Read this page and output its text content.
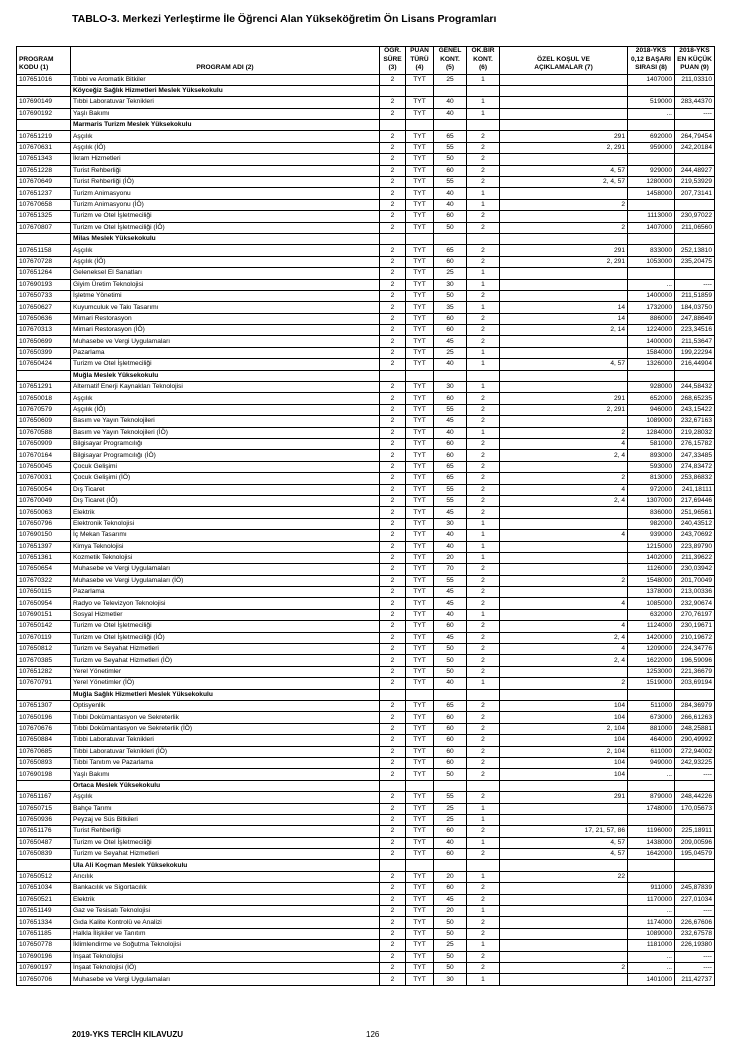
TABLO-3. Merkezi Yerleştirme İle Öğrenci Alan Yükseköğretim Ön Lisans Programları
PROGRAM
KODU (1)	PROGRAM ADI (2)	ÖĞR.
SÜRE
(3)	PUAN
TÜRÜ
(4)	GENEL
KONT.
(5)	OK.BİR
KONT.
(6)	ÖZEL KOŞUL VE
AÇIKLAMALAR (7)	2018-YKS
0,12 BAŞARI
SIRASI (8)	2018-YKS
EN KÜÇÜK
PUAN (9)
107651016	Tıbbi ve Aromatik Bitkiler	2	TYT	25	1		1407000	211,03310
	Köyceğiz Sağlık Hizmetleri Meslek Yüksekokulu							
107690149	Tıbbi Laboratuvar Teknikleri	2	TYT	40	1		519000	283,44370
107690192	Yaşlı Bakımı	2	TYT	40	1		...	----
	Marmaris Turizm Meslek Yüksekokulu							
107651219	Aşçılık	2	TYT	65	2	291	692000	264,79454
107670631	Aşçılık (İÖ)	2	TYT	55	2	2, 291	959000	242,20184
107651343	İkram Hizmetleri	2	TYT	50	2			
107651228	Turist Rehberliği	2	TYT	60	2	4, 57	929000	244,48927
107670649	Turist Rehberliği (İÖ)	2	TYT	55	2	2, 4, 57	1280000	219,53929
107651237	Turizm Animasyonu	2	TYT	40	1		1458000	207,73141
107670658	Turizm Animasyonu (İÖ)	2	TYT	40	1	2		
107651325	Turizm ve Otel İşletmeciliği	2	TYT	60	2		1113000	230,97022
107670807	Turizm ve Otel İşletmeciliği (İÖ)	2	TYT	50	2	2	1407000	211,06560
	Milas Meslek Yüksekokulu							
107651158	Aşçılık	2	TYT	65	2	291	833000	252,13810
107670728	Aşçılık (İÖ)	2	TYT	60	2	2, 291	1053000	235,20475
107651264	Geleneksel El Sanatları	2	TYT	25	1			
107690193	Giyim Üretim Teknolojisi	2	TYT	30	1		...	----
107650733	İşletme Yönetimi	2	TYT	50	2		1400000	211,51859
107650627	Kuyumculuk ve Takı Tasarımı	2	TYT	35	1	14	1732000	184,03750
107650636	Mimari Restorasyon	2	TYT	60	2	14	886000	247,88649
107670313	Mimari Restorasyon (İÖ)	2	TYT	60	2	2, 14	1224000	223,34516
107650699	Muhasebe ve Vergi Uygulamaları	2	TYT	45	2		1400000	211,53647
107650399	Pazarlama	2	TYT	25	1		1584000	199,22294
107650424	Turizm ve Otel İşletmeciliği	2	TYT	40	1	4, 57	1326000	216,44904
	Muğla Meslek Yüksekokulu							
107651291	Alternatif Enerji Kaynakları Teknolojisi	2	TYT	30	1		928000	244,58432
107650018	Aşçılık	2	TYT	60	2	291	652000	268,65235
107670579	Aşçılık (İÖ)	2	TYT	55	2	2, 291	946000	243,15422
107650609	Basım ve Yayın Teknolojileri	2	TYT	45	2		1089000	232,67163
107670588	Basım ve Yayın Teknolojileri (İÖ)	2	TYT	40	1	2	1284000	219,28032
107650909	Bilgisayar Programcılığı	2	TYT	60	2	4	581000	276,15782
107670164	Bilgisayar Programcılığı (İÖ)	2	TYT	60	2	2, 4	893000	247,33485
107650045	Çocuk Gelişimi	2	TYT	65	2		593000	274,83472
107670031	Çocuk Gelişimi (İÖ)	2	TYT	65	2	2	813000	253,86832
107650054	Dış Ticaret	2	TYT	55	2	4	972000	241,18111
107670049	Dış Ticaret (İÖ)	2	TYT	55	2	2, 4	1307000	217,69446
107650063	Elektrik	2	TYT	45	2		836000	251,96561
107650796	Elektronik Teknolojisi	2	TYT	30	1		982000	240,43512
107690150	İç Mekan Tasarımı	2	TYT	40	1	4	939000	243,70692
107651397	Kimya Teknolojisi	2	TYT	40	1		1215000	223,89790
107651361	Kozmetik Teknolojisi	2	TYT	20	1		1402000	211,39622
107650654	Muhasebe ve Vergi Uygulamaları	2	TYT	70	2		1126000	230,03942
107670322	Muhasebe ve Vergi Uygulamaları (İÖ)	2	TYT	55	2	2	1548000	201,70049
107650115	Pazarlama	2	TYT	45	2		1378000	213,00336
107650954	Radyo ve Televizyon Teknolojisi	2	TYT	45	2	4	1085000	232,90674
107690151	Sosyal Hizmetler	2	TYT	40	1		632000	270,76197
107650142	Turizm ve Otel İşletmeciliği	2	TYT	60	2	4	1124000	230,19671
107670119	Turizm ve Otel İşletmeciliği (İÖ)	2	TYT	45	2	2, 4	1420000	210,19672
107650812	Turizm ve Seyahat Hizmetleri	2	TYT	50	2	4	1209000	224,34776
107670385	Turizm ve Seyahat Hizmetleri (İÖ)	2	TYT	50	2	2, 4	1622000	196,59096
107651282	Yerel Yönetimler	2	TYT	50	2		1253000	221,36679
107670791	Yerel Yönetimler (İÖ)	2	TYT	40	1	2	1519000	203,69194
	Muğla Sağlık Hizmetleri Meslek Yüksekokulu							
107651307	Optisyenlik	2	TYT	65	2	104	511000	284,36979
107650196	Tıbbi Dokümantasyon ve Sekreterlik	2	TYT	60	2	104	673000	266,61263
107670676	Tıbbi Dokümantasyon ve Sekreterlik (İÖ)	2	TYT	60	2	2, 104	881000	248,25881
107650884	Tıbbi Laboratuvar Teknikleri	2	TYT	60	2	104	464000	290,49992
107670685	Tıbbi Laboratuvar Teknikleri (İÖ)	2	TYT	60	2	2, 104	611000	272,94002
107650893	Tıbbi Tanıtım ve Pazarlama	2	TYT	60	2	104	949000	242,93225
107690198	Yaşlı Bakımı	2	TYT	50	2	104	...	----
	Ortaca Meslek Yüksekokulu							
107651167	Aşçılık	2	TYT	55	2	291	879000	248,44226
107650715	Bahçe Tarımı	2	TYT	25	1		1748000	170,05673
107650936	Peyzaj ve Süs Bitkileri	2	TYT	25	1			
107651176	Turist Rehberliği	2	TYT	60	2	17, 21, 57, 86	1196000	225,18911
107650487	Turizm ve Otel İşletmeciliği	2	TYT	40	1	4, 57	1438000	209,00596
107650839	Turizm ve Seyahat Hizmetleri	2	TYT	60	2	4, 57	1642000	195,04579
	Ula Ali Koçman Meslek Yüksekokulu							
107650512	Arıcılık	2	TYT	20	1	22		
107651034	Bankacılık ve Sigortacılık	2	TYT	60	2		911000	245,87839
107650521	Elektrik	2	TYT	45	2		1170000	227,01034
107651149	Gaz ve Tesisatı Teknolojisi	2	TYT	20	1		...	----
107651334	Gıda Kalite Kontrolü ve Analizi	2	TYT	50	2		1174000	226,67606
107651185	Halkla İlişkiler ve Tanıtım	2	TYT	50	2		1089000	232,67578
107650778	İklimlendirme ve Soğutma Teknolojisi	2	TYT	25	1		1181000	226,19380
107690196	İnşaat Teknolojisi	2	TYT	50	2		...	----
107690197	İnşaat Teknolojisi (İÖ)	2	TYT	50	2	2	...	----
107650706	Muhasebe ve Vergi Uygulamaları	2	TYT	30	1		1401000	211,42737
2019-YKS TERCİH KILAVUZU	126
